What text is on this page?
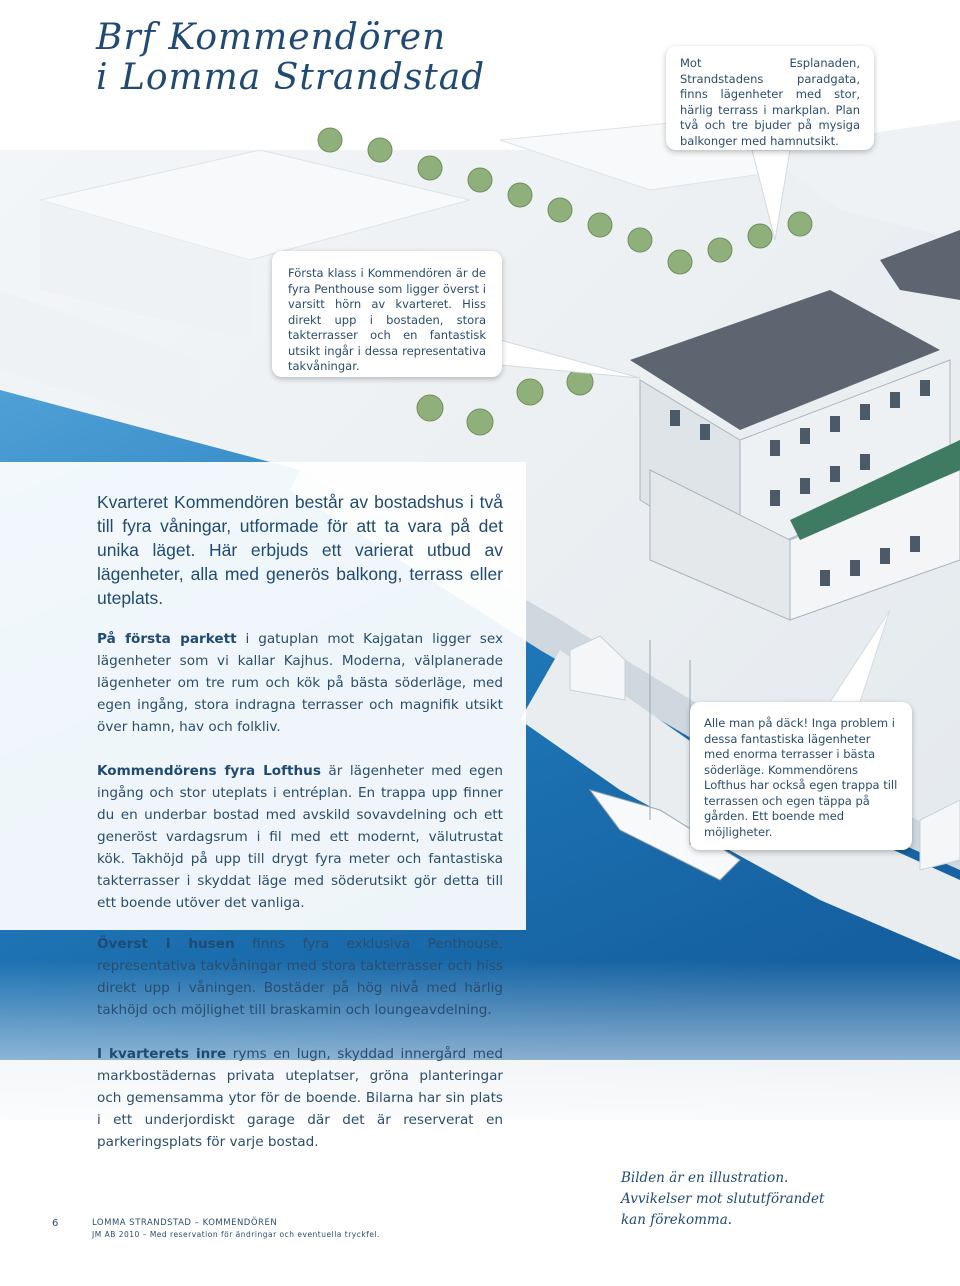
Brf Kommendören
i Lomma Strandstad	Mot Esplanaden, Strandstadens paradgata, finns lägenheter med stor, härlig terrass i markplan. Plan två och tre bjuder på mysiga balkonger med hamnutsikt.
Första klass i Kommendören är de fyra Penthouse som ligger överst i varsitt hörn av kvarteret. Hiss direkt upp i bostaden, stora takterrasser och en fantastisk utsikt ingår i dessa representativa takvåningar.
Alle man på däck! Inga problem i dessa fantastiska lägenheter med enorma terrasser i bästa söderläge. Kommendörens Lofthus har också egen trappa till terrassen och egen täppa på gården. Ett boende med möjligheter.
Kvarteret Kommendören består av bostadshus i två till fyra våningar, utformade för att ta vara på det unika läget. Här erbjuds ett varierat utbud av lägenheter, alla med generös balkong, terrass eller uteplats.
På första parkett i gatuplan mot Kajgatan ligger sex lägenheter som vi kallar Kajhus. Moderna, välplanerade lägenheter om tre rum och kök på bästa söderläge, med egen ingång, stora indragna terrasser och magnifik utsikt över hamn, hav och folkliv.
Kommendörens fyra Lofthus är lägenheter med egen ingång och stor uteplats i entréplan. En trappa upp finner du en underbar bostad med avskild sovavdelning och ett generöst vardagsrum i fil med ett modernt, välutrustat kök. Takhöjd på upp till drygt fyra meter och fantastiska takterrasser i skyddat läge med söderutsikt gör detta till ett boende utöver det vanliga.
Överst i husen finns fyra exklusiva Penthouse, representativa takvåningar med stora takterrasser och hiss direkt upp i våningen. Bostäder på hög nivå med härlig takhöjd och möjlighet till braskamin och loungeavdelning.
I kvarterets inre ryms en lugn, skyddad innergård med markbostädernas privata uteplatser, gröna planteringar och gemensamma ytor för de boende. Bilarna har sin plats i ett underjordiskt garage där det är reserverat en parkeringsplats för varje bostad.
6	LOMMA STRANDSTAD – KOMMENDÖREN
JM AB 2010 – Med reservation för ändringar och eventuella tryckfel.
Bilden är en illustration.
Avvikelser mot slututförandet
kan förekomma.
